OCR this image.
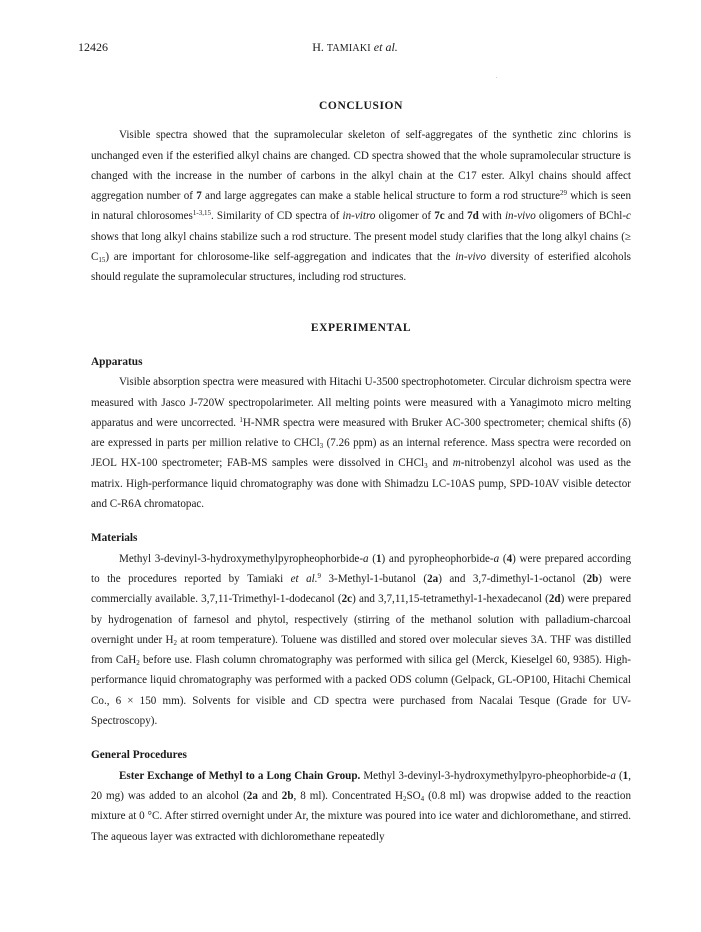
12426	H. TAMIAKI et al.
CONCLUSION

Visible spectra showed that the supramolecular skeleton of self-aggregates of the synthetic zinc chlorins is unchanged even if the esterified alkyl chains are changed. CD spectra showed that the whole supramolecular structure is changed with the increase in the number of carbons in the alkyl chain at the C17 ester. Alkyl chains should affect aggregation number of 7 and large aggregates can make a stable helical structure to form a rod structure$^{29}$ which is seen in natural chlorosomes$^{1-3,15}$. Similarity of CD spectra of in-vitro oligomer of 7c and 7d with in-vivo oligomers of BChl-c shows that long alkyl chains stabilize such a rod structure. The present model study clarifies that the long alkyl chains (≥ $C_{15}$) are important for chlorosome-like self-aggregation and indicates that the in-vivo diversity of esterified alcohols should regulate the supramolecular structures, including rod structures.

EXPERIMENTAL
Apparatus

Visible absorption spectra were measured with Hitachi U-3500 spectrophotometer. Circular dichroism spectra were measured with Jasco J-720W spectropolarimeter. All melting points were measured with a Yanagimoto micro melting apparatus and were uncorrected. $^1$H-NMR spectra were measured with Bruker AC-300 spectrometer; chemical shifts (δ) are expressed in parts per million relative to CHCl$_3$ (7.26 ppm) as an internal reference. Mass spectra were recorded on JEOL HX-100 spectrometer; FAB-MS samples were dissolved in CHCl$_3$ and m-nitrobenzyl alcohol was used as the matrix. High-performance liquid chromatography was done with Shimadzu LC-10AS pump, SPD-10AV visible detector and C-R6A chromatopac.

Materials

Methyl 3-devinyl-3-hydroxymethylpyropheophorbide-a (1) and pyropheophorbide-a (4) were prepared according to the procedures reported by Tamiaki et al.$^9$ 3-Methyl-1-butanol (2a) and 3,7-dimethyl-1-octanol (2b) were commercially available. 3,7,11-Trimethyl-1-dodecanol (2c) and 3,7,11,15-tetramethyl-1-hexadecanol (2d) were prepared by hydrogenation of farnesol and phytol, respectively (stirring of the methanol solution with palladium-charcoal overnight under $H_2$ at room temperature). Toluene was distilled and stored over molecular sieves 3A. THF was distilled from CaH$_2$ before use. Flash column chromatography was performed with silica gel (Merck, Kieselgel 60, 9385). High-performance liquid chromatography was performed with a packed ODS column (Gelpack, GL-OP100, Hitachi Chemical Co., 6 × 150 mm). Solvents for visible and CD spectra were purchased from Nacalai Tesque (Grade for UV-Spectroscopy).

General Procedures

Ester Exchange of Methyl to a Long Chain Group. Methyl 3-devinyl-3-hydroxymethylpyro-pheophorbide-a (1, 20 mg) was added to an alcohol (2a and 2b, 8 ml). Concentrated $H_2SO_4$ (0.8 ml) was dropwise added to the reaction mixture at 0 °C. After stirred overnight under Ar, the mixture was poured into ice water and dichloromethane, and stirred. The aqueous layer was extracted with dichloromethane repeatedly
